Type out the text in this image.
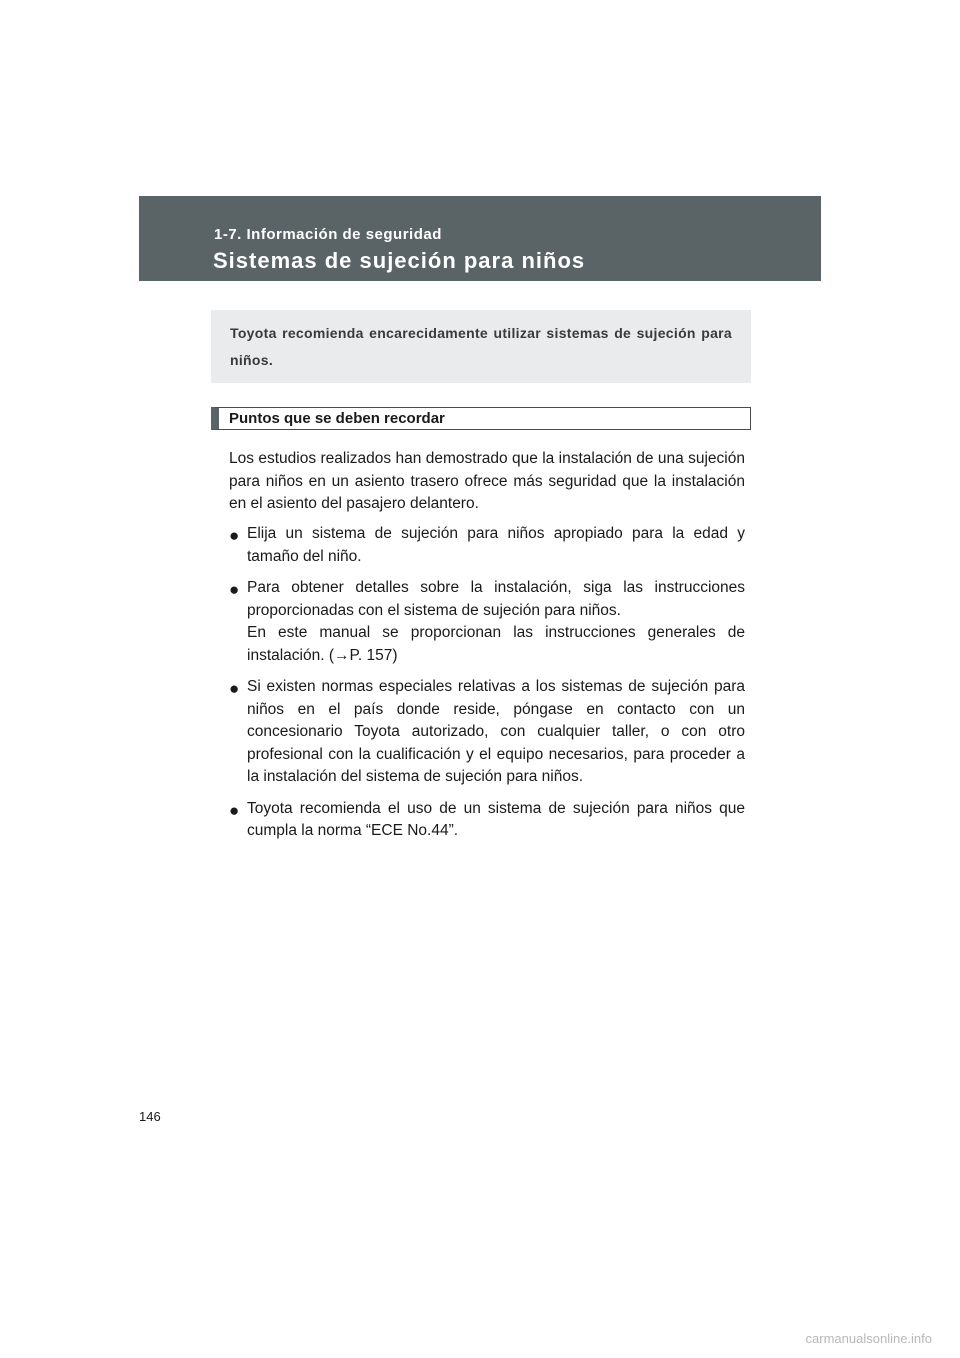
1-7. Información de seguridad
Sistemas de sujeción para niños

Toyota recomienda encarecidamente utilizar sistemas de sujeción para niños.

Puntos que se deben recordar

Los estudios realizados han demostrado que la instalación de una sujeción para niños en un asiento trasero ofrece más seguridad que la instalación en el asiento del pasajero delantero.

● Elija un sistema de sujeción para niños apropiado para la edad y tamaño del niño.
● Para obtener detalles sobre la instalación, siga las instrucciones proporcionadas con el sistema de sujeción para niños.
En este manual se proporcionan las instrucciones generales de instalación. (→P. 157)
● Si existen normas especiales relativas a los sistemas de sujeción para niños en el país donde reside, póngase en contacto con un concesionario Toyota autorizado, con cualquier taller, o con otro profesional con la cualificación y el equipo necesarios, para proceder a la instalación del sistema de sujeción para niños.
● Toyota recomienda el uso de un sistema de sujeción para niños que cumpla la norma “ECE No.44”.
146
carmanualsonline.info
